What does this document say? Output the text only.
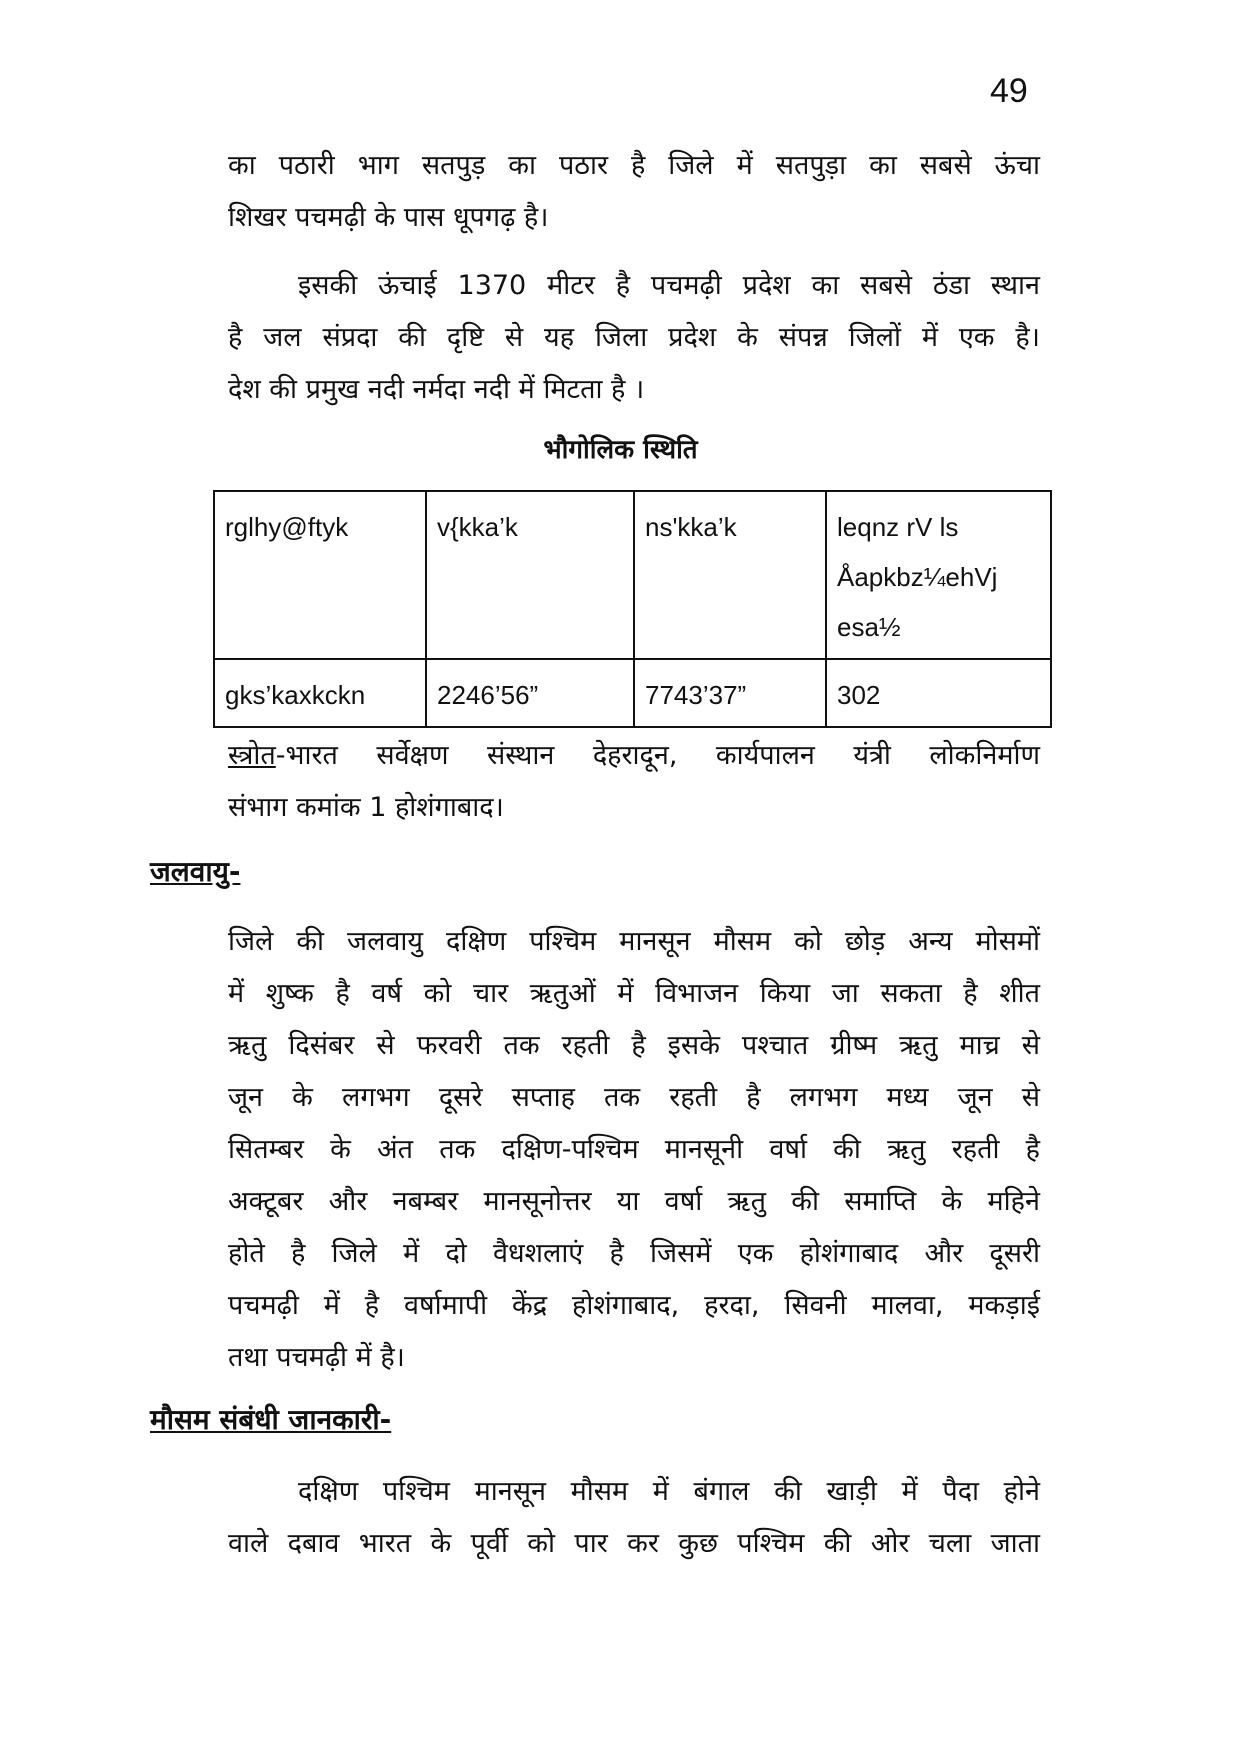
49
का पठारी भाग सतपुड़ का पठार है जिले में सतपुड़ा का सबसे ऊंचा
शिखर पचमढ़ी के पास धूपगढ़ है।
इसकी ऊंचाई 1370 मीटर है पचमढ़ी प्रदेश का सबसे ठंडा स्थान
है जल संप्रदा की दृष्टि से यह जिला प्रदेश के संपन्न जिलों में एक है।
देश की प्रमुख नदी नर्मदा नदी में मिटता है ।
भौगोलिक स्थिति
rglhy@ftyk	v{kka’k	ns'kka’k	leqnz rV ls
Åapkbz¼ehVj
esa½

gks’kaxkckn	2246’56”	7743’37”	302
स्त्रोत-भारत सर्वेक्षण संस्थान देहरादून, कार्यपालन यंत्री लोकनिर्माण
संभाग कमांक 1 होशंगाबाद।
जलवायु-
जिले की जलवायु दक्षिण पश्चिम मानसून मौसम को छोड़ अन्य मोसमों
में शुष्क है वर्ष को चार ऋतुओं में विभाजन किया जा सकता है शीत
ऋतु दिसंबर से फरवरी तक रहती है इसके पश्चात ग्रीष्म ऋतु माच्र से
जून के लगभग दूसरे सप्ताह तक रहती है लगभग मध्य जून से
सितम्बर के अंत तक दक्षिण-पश्चिम मानसूनी वर्षा की ऋतु रहती है
अक्टूबर और नबम्बर मानसूनोत्तर या वर्षा ऋतु की समाप्ति के महिने
होते है जिले में दो वैधशलाएं है जिसमें एक होशंगाबाद और दूसरी
पचमढ़ी में है वर्षामापी केंद्र होशंगाबाद, हरदा, सिवनी मालवा, मकड़ाई
तथा पचमढ़ी में है।
मौसम संबंधी जानकारी-
दक्षिण पश्चिम मानसून मौसम में बंगाल की खाड़ी में पैदा होने
वाले दबाव भारत के पूर्वी को पार कर कुछ पश्चिम की ओर चला जाता
